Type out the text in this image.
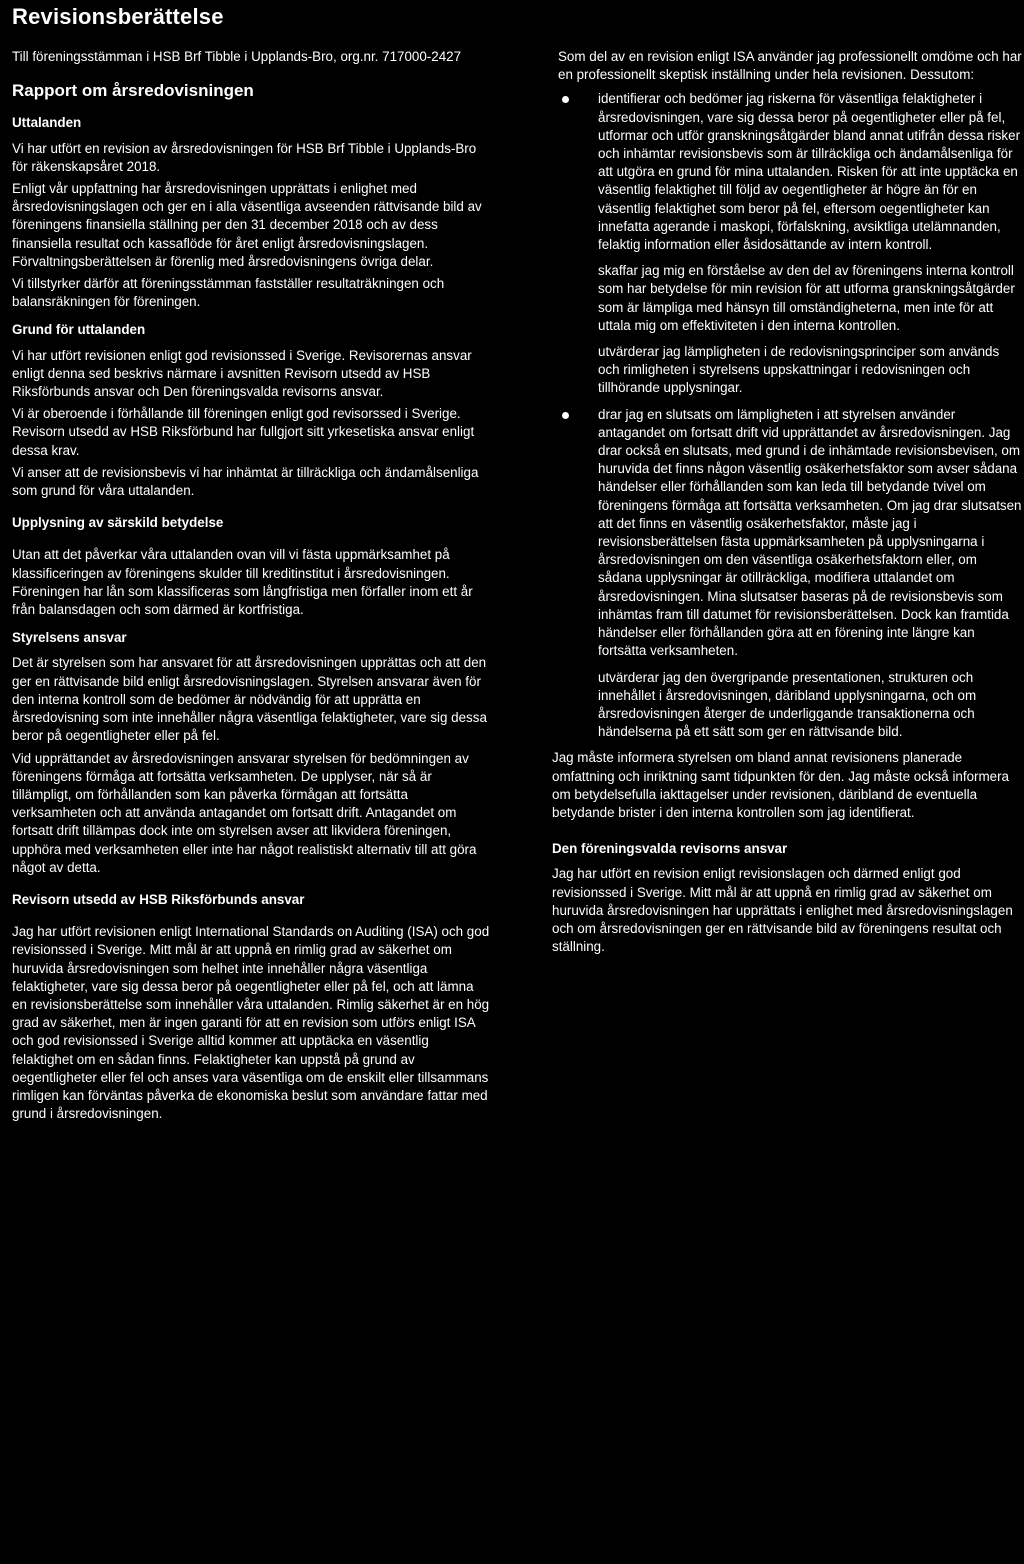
Revisionsberättelse

Till föreningsstämman i HSB Brf Tibble i Upplands-Bro, org.nr. 717000-2427

Rapport om årsredovisningen
Uttalanden

Vi har utfört en revision av årsredovisningen för HSB Brf Tibble i Upplands-Bro för räkenskapsåret 2018.

Enligt vår uppfattning har årsredovisningen upprättats i enlighet med årsredovisningslagen och ger en i alla väsentliga avseenden rättvisande bild av föreningens finansiella ställning per den 31 december 2018 och av dess finansiella resultat och kassaflöde för året enligt årsredovisningslagen. Förvaltningsberättelsen är förenlig med årsredovisningens övriga delar.

Vi tillstyrker därför att föreningsstämman fastställer resultaträkningen och balansräkningen för föreningen.

Grund för uttalanden

Vi har utfört revisionen enligt god revisionssed i Sverige. Revisorernas ansvar enligt denna sed beskrivs närmare i avsnitten Revisorn utsedd av HSB Riksförbunds ansvar och Den föreningsvalda revisorns ansvar.

Vi är oberoende i förhållande till föreningen enligt god revisorssed i Sverige. Revisorn utsedd av HSB Riksförbund har fullgjort sitt yrkesetiska ansvar enligt dessa krav.

Vi anser att de revisionsbevis vi har inhämtat är tillräckliga och ändamålsenliga som grund för våra uttalanden.

Upplysning av särskild betydelse

Utan att det påverkar våra uttalanden ovan vill vi fästa uppmärksamhet på klassificeringen av föreningens skulder till kreditinstitut i årsredovisningen. Föreningen har lån som klassificeras som långfristiga men förfaller inom ett år från balansdagen och som därmed är kortfristiga.

Styrelsens ansvar

Det är styrelsen som har ansvaret för att årsredovisningen upprättas och att den ger en rättvisande bild enligt årsredovisningslagen. Styrelsen ansvarar även för den interna kontroll som de bedömer är nödvändig för att upprätta en årsredovisning som inte innehåller några väsentliga felaktigheter, vare sig dessa beror på oegentligheter eller på fel.

Vid upprättandet av årsredovisningen ansvarar styrelsen för bedömningen av föreningens förmåga att fortsätta verksamheten. De upplyser, när så är tillämpligt, om förhållanden som kan påverka förmågan att fortsätta verksamheten och att använda antagandet om fortsatt drift. Antagandet om fortsatt drift tillämpas dock inte om styrelsen avser att likvidera föreningen, upphöra med verksamheten eller inte har något realistiskt alternativ till att göra något av detta.

Revisorn utsedd av HSB Riksförbunds ansvar

Jag har utfört revisionen enligt International Standards on Auditing (ISA) och god revisionssed i Sverige. Mitt mål är att uppnå en rimlig grad av säkerhet om huruvida årsredovisningen som helhet inte innehåller några väsentliga felaktigheter, vare sig dessa beror på oegentligheter eller på fel, och att lämna en revisionsberättelse som innehåller våra uttalanden. Rimlig säkerhet är en hög grad av säkerhet, men är ingen garanti för att en revision som utförs enligt ISA och god revisionssed i Sverige alltid kommer att upptäcka en väsentlig felaktighet om en sådan finns. Felaktigheter kan uppstå på grund av oegentligheter eller fel och anses vara väsentliga om de enskilt eller tillsammans rimligen kan förväntas påverka de ekonomiska beslut som användare fattar med grund i årsredovisningen.

Som del av en revision enligt ISA använder jag professionellt omdöme och har en professionellt skeptisk inställning under hela revisionen. Dessutom:

identifierar och bedömer jag riskerna för väsentliga felaktigheter i årsredovisningen, vare sig dessa beror på oegentligheter eller på fel, utformar och utför granskningsåtgärder bland annat utifrån dessa risker och inhämtar revisionsbevis som är tillräckliga och ändamålsenliga för att utgöra en grund för mina uttalanden. Risken för att inte upptäcka en väsentlig felaktighet till följd av oegentligheter är högre än för en väsentlig felaktighet som beror på fel, eftersom oegentligheter kan innefatta agerande i maskopi, förfalskning, avsiktliga utelämnanden, felaktig information eller åsidosättande av intern kontroll.
skaffar jag mig en förståelse av den del av föreningens interna kontroll som har betydelse för min revision för att utforma granskningsåtgärder som är lämpliga med hänsyn till omständigheterna, men inte för att uttala mig om effektiviteten i den interna kontrollen.
utvärderar jag lämpligheten i de redovisningsprinciper som används och rimligheten i styrelsens uppskattningar i redovisningen och tillhörande upplysningar.
drar jag en slutsats om lämpligheten i att styrelsen använder antagandet om fortsatt drift vid upprättandet av årsredovisningen. Jag drar också en slutsats, med grund i de inhämtade revisionsbevisen, om huruvida det finns någon väsentlig osäkerhetsfaktor som avser sådana händelser eller förhållanden som kan leda till betydande tvivel om föreningens förmåga att fortsätta verksamheten. Om jag drar slutsatsen att det finns en väsentlig osäkerhetsfaktor, måste jag i revisionsberättelsen fästa uppmärksamheten på upplysningarna i årsredovisningen om den väsentliga osäkerhetsfaktorn eller, om sådana upplysningar är otillräckliga, modifiera uttalandet om årsredovisningen. Mina slutsatser baseras på de revisionsbevis som inhämtas fram till datumet för revisionsberättelsen. Dock kan framtida händelser eller förhållanden göra att en förening inte längre kan fortsätta verksamheten.
utvärderar jag den övergripande presentationen, strukturen och innehållet i årsredovisningen, däribland upplysningarna, och om årsredovisningen återger de underliggande transaktionerna och händelserna på ett sätt som ger en rättvisande bild.

Jag måste informera styrelsen om bland annat revisionens planerade omfattning och inriktning samt tidpunkten för den. Jag måste också informera om betydelsefulla iakttagelser under revisionen, däribland de eventuella betydande brister i den interna kontrollen som jag identifierat.

Den föreningsvalda revisorns ansvar

Jag har utfört en revision enligt revisionslagen och därmed enligt god revisionssed i Sverige. Mitt mål är att uppnå en rimlig grad av säkerhet om huruvida årsredovisningen har upprättats i enlighet med årsredovisningslagen och om årsredovisningen ger en rättvisande bild av föreningens resultat och ställning.
